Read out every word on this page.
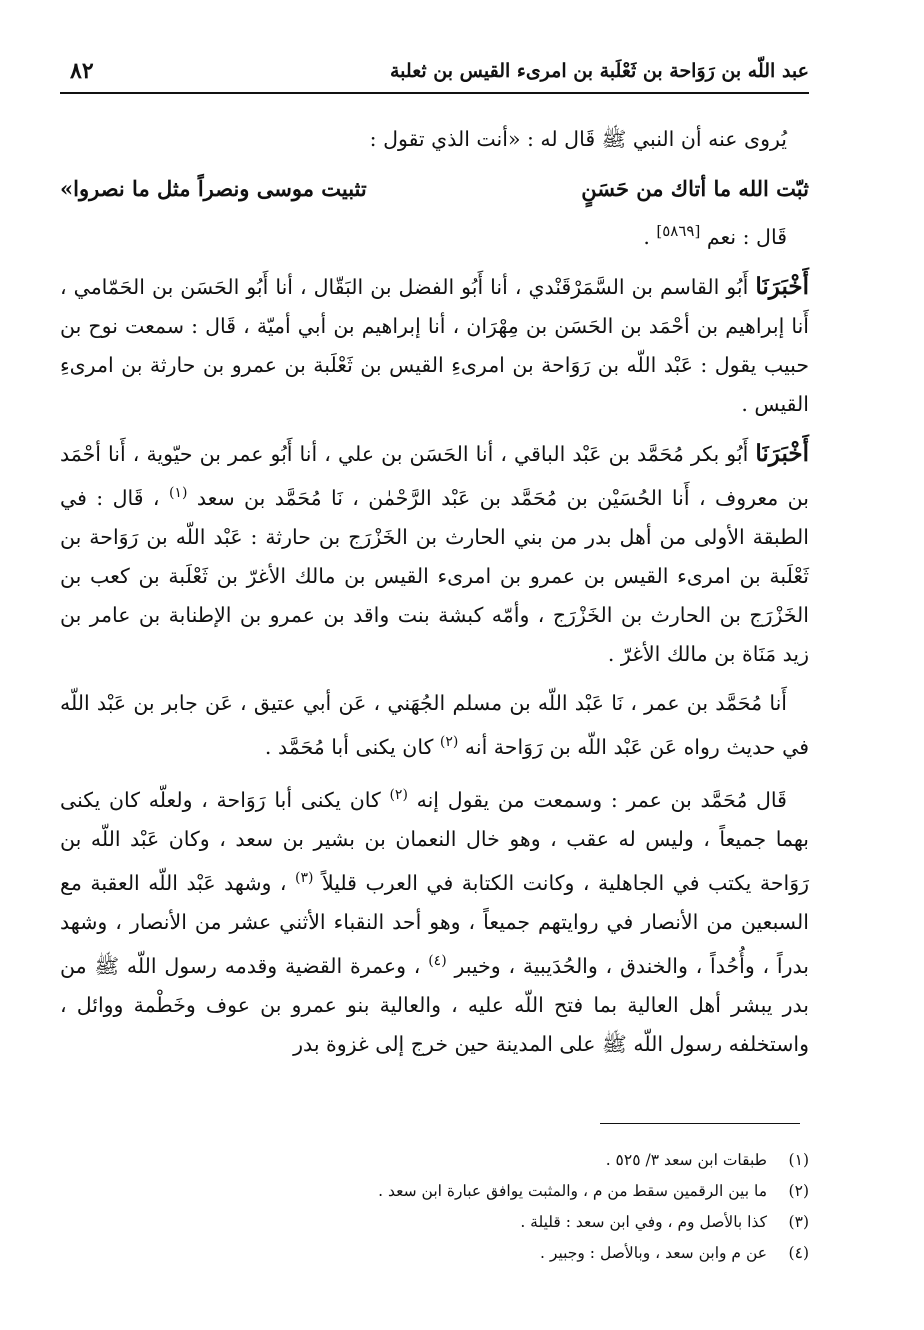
٨٢	عبد اللّه بن رَوَاحة بن ثَعْلَبة بن امرىء القيس بن ثعلبة

يُروى عنه أن النبي ﷺ قَال له : «أنت الذي تقول :

ثبّت الله ما أتاك من حَسَنٍ
تثبيت موسى ونصراً مثل ما نصروا»

قَال : نعم [٥٨٦٩] .

أَخْبَرَنَا أَبُو القاسم بن السَّمَرْقَنْدي ، أنا أَبُو الفضل بن البَقّال ، أنا أَبُو الحَسَن بن الحَمّامي ، أَنا إبراهيم بن أحْمَد بن الحَسَن بن مِهْرَان ، أنا إبراهيم بن أبي أميّة ، قَال : سمعت نوح بن حبيب يقول : عَبْد اللّه بن رَوَاحة بن امرىءِ القيس بن ثَعْلَبة بن عمرو بن حارثة بن امرىءِ القيس .

أَخْبَرَنَا أَبُو بكر مُحَمَّد بن عَبْد الباقي ، أنا الحَسَن بن علي ، أنا أَبُو عمر بن حيّوية ، أَنا أحْمَد بن معروف ، أَنا الحُسَيْن بن مُحَمَّد بن عَبْد الرَّحْمٰن ، نَا مُحَمَّد بن سعد $^{(١)}$ ، قَال : في الطبقة الأولى من أهل بدر من بني الحارث بن الخَزْرَج بن حارثة : عَبْد اللّه بن رَوَاحة بن ثَعْلَبة بن امرىء القيس بن عمرو بن امرىء القيس بن مالك الأغرّ بن ثَعْلَبة بن كعب بن الخَزْرَج بن الحارث بن الخَزْرَج ، وأمّه كبشة بنت واقد بن عمرو بن الإطنابة بن عامر بن زيد مَنَاة بن مالك الأغرّ .

أَنا مُحَمَّد بن عمر ، نَا عَبْد اللّه بن مسلم الجُهَني ، عَن أبي عتيق ، عَن جابر بن عَبْد اللّه في حديث رواه عَن عَبْد اللّه بن رَوَاحة أنه $^{(٢)}$ كان يكنى أبا مُحَمَّد .

قَال مُحَمَّد بن عمر : وسمعت من يقول إنه $^{(٢)}$ كان يكنى أبا رَوَاحة ، ولعلّه كان يكنى بهما جميعاً ، وليس له عقب ، وهو خال النعمان بن بشير بن سعد ، وكان عَبْد اللّه بن رَوَاحة يكتب في الجاهلية ، وكانت الكتابة في العرب قليلاً $^{(٣)}$ ، وشهد عَبْد اللّه العقبة مع السبعين من الأنصار في روايتهم جميعاً ، وهو أحد النقباء الأثني عشر من الأنصار ، وشهد بدراً ، وأُحُداً ، والخندق ، والحُدَيبية ، وخيبر $^{(٤)}$ ، وعمرة القضية وقدمه رسول اللّه ﷺ من بدر يبشر أهل العالية بما فتح اللّه عليه ، والعالية بنو عمرو بن عوف وخَطْمة ووائل ، واستخلفه رسول اللّه ﷺ على المدينة حين خرج إلى غزوة بدر

(١)
طبقات ابن سعد ٣/ ٥٢٥ .
(٢)
ما بين الرقمين سقط من م ، والمثبت يوافق عبارة ابن سعد .
(٣)
كذا بالأصل وم ، وفي ابن سعد : قليلة .
(٤)
عن م وابن سعد ، وبالأصل : وجبير .
